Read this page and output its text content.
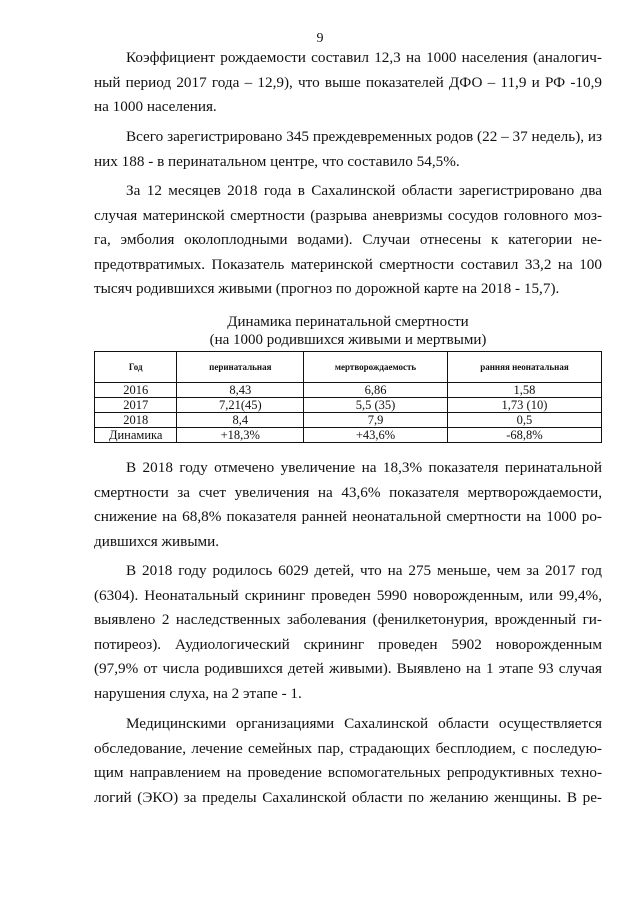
9
Коэффициент рождаемости составил 12,3 на 1000 населения (аналогич-
ный период 2017 года – 12,9), что выше показателей ДФО – 11,9 и РФ -10,9
на 1000 населения.
Всего зарегистрировано 345 преждевременных родов (22 – 37 недель), из
них 188 - в перинатальном центре, что составило 54,5%.
За 12 месяцев 2018 года в Сахалинской области зарегистрировано два
случая материнской смертности (разрыва аневризмы сосудов головного моз-
га, эмболия околоплодными водами). Случаи отнесены к категории не-
предотвратимых. Показатель материнской смертности составил 33,2 на 100
тысяч родившихся живыми (прогноз по дорожной карте на 2018 - 15,7).
Динамика перинатальной смертности
(на 1000 родившихся живыми и мертвыми)
Год	перинатальная	мертворождаемость	ранняя неонатальная
2016	8,43	6,86	1,58
2017	7,21(45)	5,5 (35)	1,73 (10)
2018	8,4	7,9	0,5
Динамика	+18,3%	+43,6%	-68,8%
В 2018 году отмечено увеличение на 18,3% показателя перинатальной
смертности за счет увеличения на 43,6% показателя мертворождаемости,
снижение на 68,8% показателя ранней неонатальной смертности на 1000 ро-
дившихся живыми.
В 2018 году родилось 6029 детей, что на 275 меньше, чем за 2017 год
(6304). Неонатальный скрининг проведен 5990 новорожденным, или 99,4%,
выявлено 2 наследственных заболевания (фенилкетонурия, врожденный ги-
потиреоз). Аудиологический скрининг проведен 5902 новорожденным
(97,9% от числа родившихся детей живыми). Выявлено на 1 этапе 93 случая
нарушения слуха, на 2 этапе - 1.
Медицинскими организациями Сахалинской области осуществляется
обследование, лечение семейных пар, страдающих бесплодием, с последую-
щим направлением на проведение вспомогательных репродуктивных техно-
логий (ЭКО) за пределы Сахалинской области по желанию женщины. В ре-
